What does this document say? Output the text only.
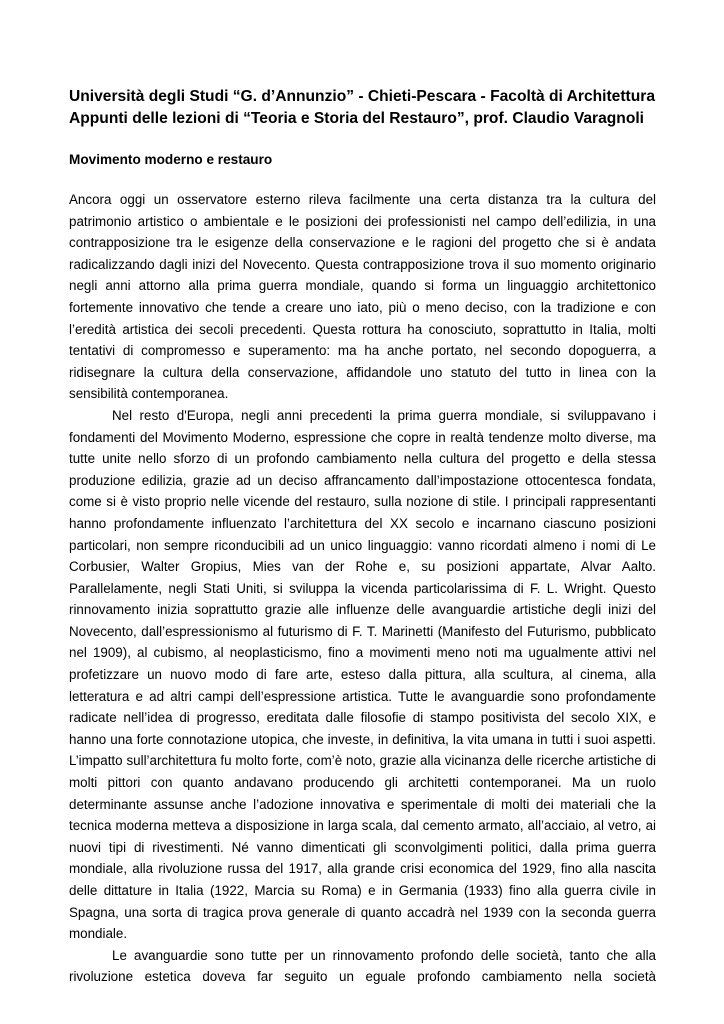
Università degli Studi “G. d’Annunzio” - Chieti-Pescara - Facoltà di Architettura
Appunti delle lezioni di “Teoria e Storia del Restauro”, prof. Claudio Varagnoli
Movimento moderno e restauro

Ancora oggi un osservatore esterno rileva facilmente una certa distanza tra la cultura del patrimonio artistico o ambientale e le posizioni dei professionisti nel campo dell’edilizia, in una contrapposizione tra le esigenze della conservazione e le ragioni del progetto che si è andata radicalizzando dagli inizi del Novecento. Questa contrapposizione trova il suo momento originario negli anni attorno alla prima guerra mondiale, quando si forma un linguaggio architettonico fortemente innovativo che tende a creare uno iato, più o meno deciso, con la tradizione e con l’eredità artistica dei secoli precedenti. Questa rottura ha conosciuto, soprattutto in Italia, molti tentativi di compromesso e superamento: ma ha anche portato, nel secondo dopoguerra, a ridisegnare la cultura della conservazione, affidandole uno statuto del tutto in linea con la sensibilità contemporanea.

Nel resto d'Europa, negli anni precedenti la prima guerra mondiale, si sviluppavano i fondamenti del Movimento Moderno, espressione che copre in realtà tendenze molto diverse, ma tutte unite nello sforzo di un profondo cambiamento nella cultura del progetto e della stessa produzione edilizia, grazie ad un deciso affrancamento dall’impostazione ottocentesca fondata, come si è visto proprio nelle vicende del restauro, sulla nozione di stile. I principali rappresentanti hanno profondamente influenzato l’architettura del XX secolo e incarnano ciascuno posizioni particolari, non sempre riconducibili ad un unico linguaggio: vanno ricordati almeno i nomi di Le Corbusier, Walter Gropius, Mies van der Rohe e, su posizioni appartate, Alvar Aalto. Parallelamente, negli Stati Uniti, si sviluppa la vicenda particolarissima di F. L. Wright. Questo rinnovamento inizia soprattutto grazie alle influenze delle avanguardie artistiche degli inizi del Novecento, dall’espressionismo al futurismo di F. T. Marinetti (Manifesto del Futurismo, pubblicato nel 1909), al cubismo, al neoplasticismo, fino a movimenti meno noti ma ugualmente attivi nel profetizzare un nuovo modo di fare arte, esteso dalla pittura, alla scultura, al cinema, alla letteratura e ad altri campi dell’espressione artistica. Tutte le avanguardie sono profondamente radicate nell’idea di progresso, ereditata dalle filosofie di stampo positivista del secolo XIX, e hanno una forte connotazione utopica, che investe, in definitiva, la vita umana in tutti i suoi aspetti. L’impatto sull’architettura fu molto forte, com’è noto, grazie alla vicinanza delle ricerche artistiche di molti pittori con quanto andavano producendo gli architetti contemporanei. Ma un ruolo determinante assunse anche l’adozione innovativa e sperimentale di molti dei materiali che la tecnica moderna metteva a disposizione in larga scala, dal cemento armato, all’acciaio, al vetro, ai nuovi tipi di rivestimenti. Né vanno dimenticati gli sconvolgimenti politici, dalla prima guerra mondiale, alla rivoluzione russa del 1917, alla grande crisi economica del 1929, fino alla nascita delle dittature in Italia (1922, Marcia su Roma) e in Germania (1933) fino alla guerra civile in Spagna, una sorta di tragica prova generale di quanto accadrà nel 1939 con la seconda guerra mondiale.

Le avanguardie sono tutte per un rinnovamento profondo delle società, tanto che alla rivoluzione estetica doveva far seguito un eguale profondo cambiamento nella società
